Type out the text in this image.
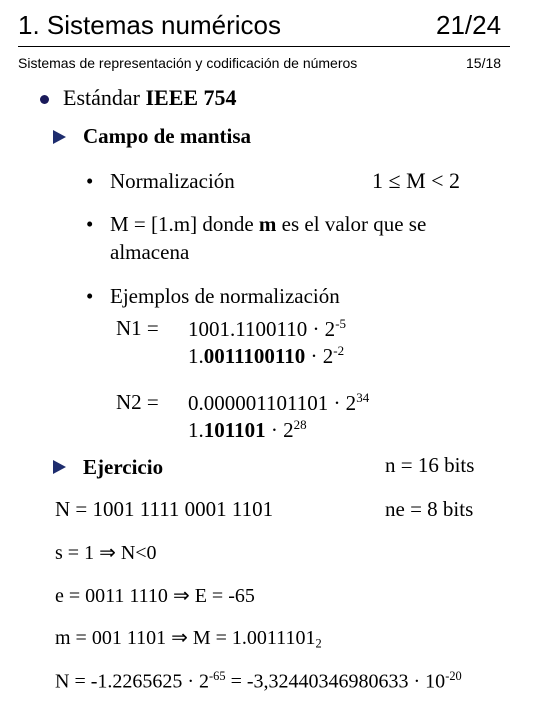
1. Sistemas numéricos	21/24
Sistemas de representación y codificación de números	15/18
Estándar IEEE 754
Campo de mantisa
• Normalización	1 ≤ M < 2
• M = [1.m] donde m es el valor que se
almacena
• Ejemplos de normalización
$N1 = 1001.1100110 \cdot 2^{-5}$
$1.0011100110 \cdot 2^{-2}$
$N2 = 0.000001101101 \cdot 2^{34}$
$1.101101 \cdot 2^{28}$
Ejercicio	n = 16 bits
N = 1001 1111 0001 1101	ne = 8 bits
s = 1 ⇒ N<0
e = 0011 1110 ⇒ E = -65
m = 001 1101 ⇒ $M = 1.0011101_2$
$N = -1.2265625 \cdot 2^{-65} = -3,32440346980633 \cdot 10^{-20}$
